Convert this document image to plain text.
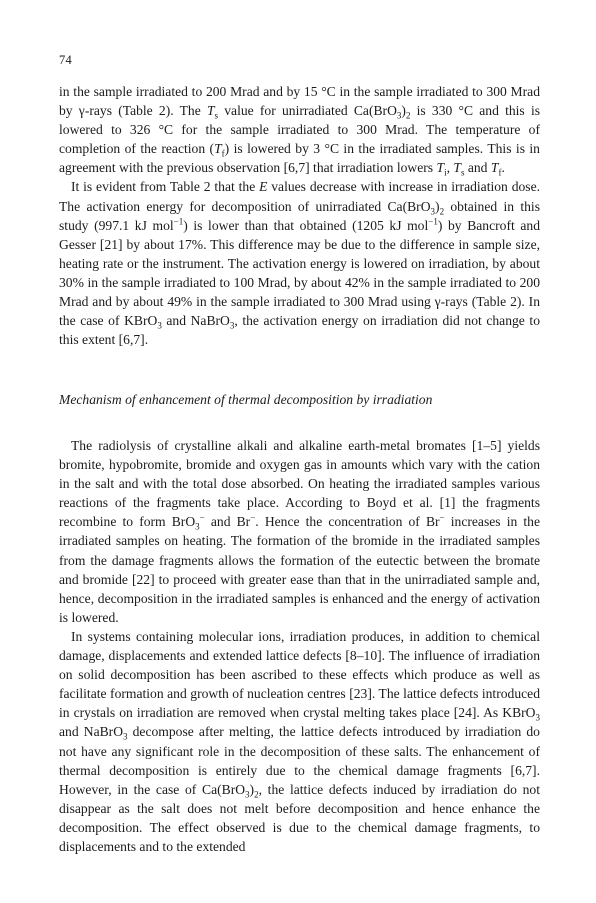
74

in the sample irradiated to 200 Mrad and by 15 °C in the sample irradiated to 300 Mrad by γ-rays (Table 2). The $T_s$ value for unirradiated $Ca(BrO_3)_2$ is 330 °C and this is lowered to 326 °C for the sample irradiated to 300 Mrad. The temperature of completion of the reaction $(T_f)$ is lowered by 3 °C in the irradiated samples. This is in agreement with the previous observation [6,7] that irradiation lowers $T_i$, $T_s$ and $T_f$.

It is evident from Table 2 that the E values decrease with increase in irradiation dose. The activation energy for decomposition of unirradiated $Ca(BrO_3)_2$ obtained in this study (997.1 kJ mol$^{-1}$) is lower than that obtained (1205 kJ mol$^{-1}$) by Bancroft and Gesser [21] by about 17%. This difference may be due to the difference in sample size, heating rate or the instrument. The activation energy is lowered on irradiation, by about 30% in the sample irradiated to 100 Mrad, by about 42% in the sample irradiated to 200 Mrad and by about 49% in the sample irradiated to 300 Mrad using γ-rays (Table 2). In the case of KBrO$_3$ and NaBrO$_3$, the activation energy on irradiation did not change to this extent [6,7].

Mechanism of enhancement of thermal decomposition by irradiation

The radiolysis of crystalline alkali and alkaline earth-metal bromates [1–5] yields bromite, hypobromite, bromide and oxygen gas in amounts which vary with the cation in the salt and with the total dose absorbed. On heating the irradiated samples various reactions of the fragments take place. According to Boyd et al. [1] the fragments recombine to form BrO$_3$− and Br−. Hence the concentration of Br− increases in the irradiated samples on heating. The formation of the bromide in the irradiated samples from the damage fragments allows the formation of the eutectic between the bromate and bromide [22] to proceed with greater ease than that in the unirradiated sample and, hence, decomposition in the irradiated samples is enhanced and the energy of activation is lowered.

In systems containing molecular ions, irradiation produces, in addition to chemical damage, displacements and extended lattice defects [8–10]. The influence of irradiation on solid decomposition has been ascribed to these effects which produce as well as facilitate formation and growth of nucleation centres [23]. The lattice defects introduced in crystals on irradiation are removed when crystal melting takes place [24]. As KBrO$_3$ and NaBrO$_3$ decompose after melting, the lattice defects introduced by irradiation do not have any significant role in the decomposition of these salts. The enhancement of thermal decomposition is entirely due to the chemical damage fragments [6,7]. However, in the case of $Ca(BrO_3)_2$, the lattice defects induced by irradiation do not disappear as the salt does not melt before decomposition and hence enhance the decomposition. The effect observed is due to the chemical damage fragments, to displacements and to the extended
